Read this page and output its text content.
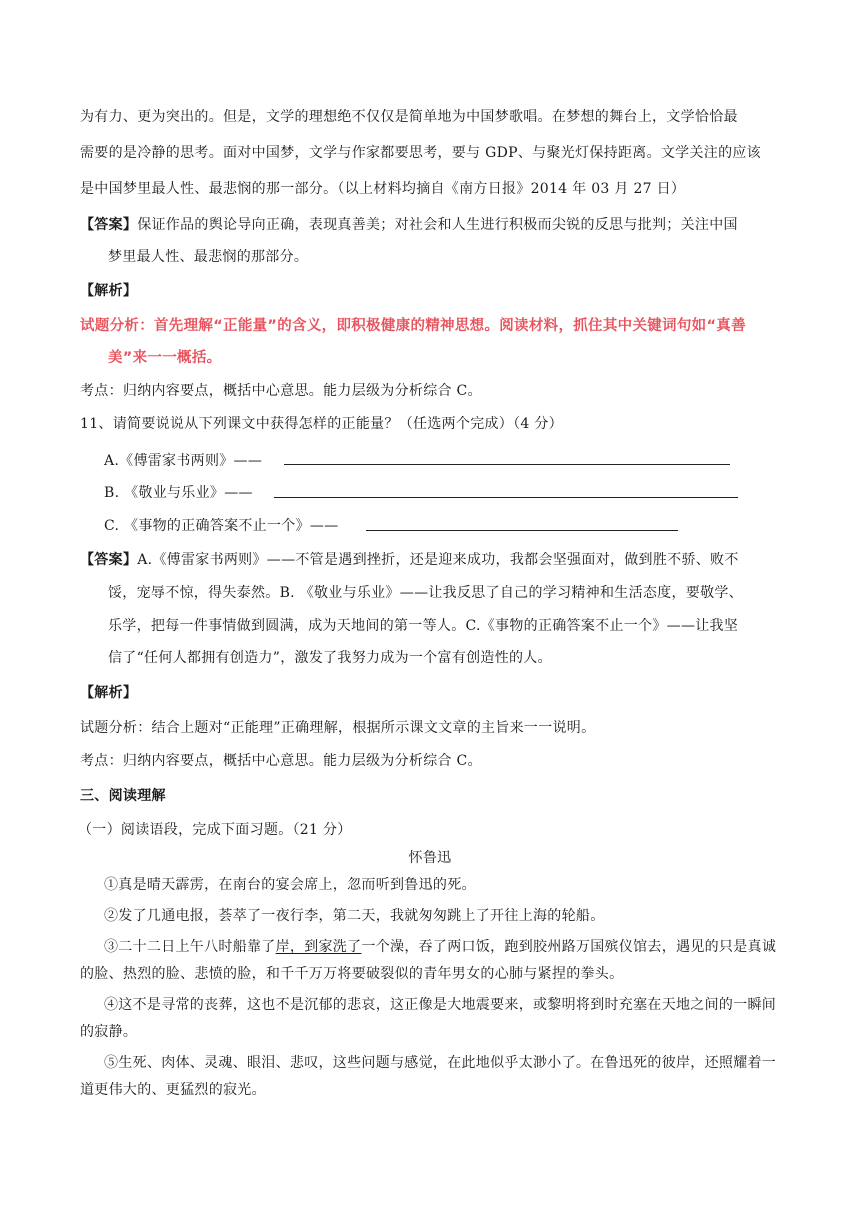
为有力、更为突出的。但是，文学的理想绝不仅仅是简单地为中国梦歌唱。在梦想的舞台上，文学恰恰最
需要的是冷静的思考。面对中国梦，文学与作家都要思考，要与 GDP、与聚光灯保持距离。文学关注的应该
是中国梦里最人性、最悲悯的那一部分。（以上材料均摘自《南方日报》2014 年 03 月 27 日）
【答案】保证作品的舆论导向正确，表现真善美；对社会和人生进行积极而尖锐的反思与批判；关注中国
梦里最人性、最悲悯的那部分。
【解析】
试题分析：首先理解“正能量”的含义，即积极健康的精神思想。阅读材料，抓住其中关键词句如“真善
美”来一一概括。
考点：归纳内容要点，概括中心意思。能力层级为分析综合 C。
11、请简要说说从下列课文中获得怎样的正能量？（任选两个完成）（4 分）
A.《傅雷家书两则》——
B. 《敬业与乐业》——
C. 《事物的正确答案不止一个》——
【答案】A.《傅雷家书两则》——不管是遇到挫折，还是迎来成功，我都会坚强面对，做到胜不骄、败不
馁，宠辱不惊，得失泰然。B. 《敬业与乐业》——让我反思了自己的学习精神和生活态度，要敬学、
乐学，把每一件事情做到圆满，成为天地间的第一等人。C.《事物的正确答案不止一个》——让我坚
信了“任何人都拥有创造力”，激发了我努力成为一个富有创造性的人。
【解析】
试题分析：结合上题对“正能理”正确理解，根据所示课文文章的主旨来一一说明。
考点：归纳内容要点，概括中心意思。能力层级为分析综合 C。
三、阅读理解
（一）阅读语段，完成下面习题。（21 分）
怀鲁迅
①真是晴天霹雳，在南台的宴会席上，忽而听到鲁迅的死。
②发了几通电报，荟萃了一夜行李，第二天，我就匆匆跳上了开往上海的轮船。
③二十二日上午八时船靠了岸，到家洗了一个澡，吞了两口饭，跑到胶州路万国殡仪馆去，遇见的只是真诚
的脸、热烈的脸、悲愤的脸，和千千万万将要破裂似的青年男女的心肺与紧捏的拳头。
④这不是寻常的丧葬，这也不是沉郁的悲哀，这正像是大地震要来，或黎明将到时充塞在天地之间的一瞬间
的寂静。
⑤生死、肉体、灵魂、眼泪、悲叹，这些问题与感觉，在此地似乎太渺小了。在鲁迅死的彼岸，还照耀着一
道更伟大的、更猛烈的寂光。
